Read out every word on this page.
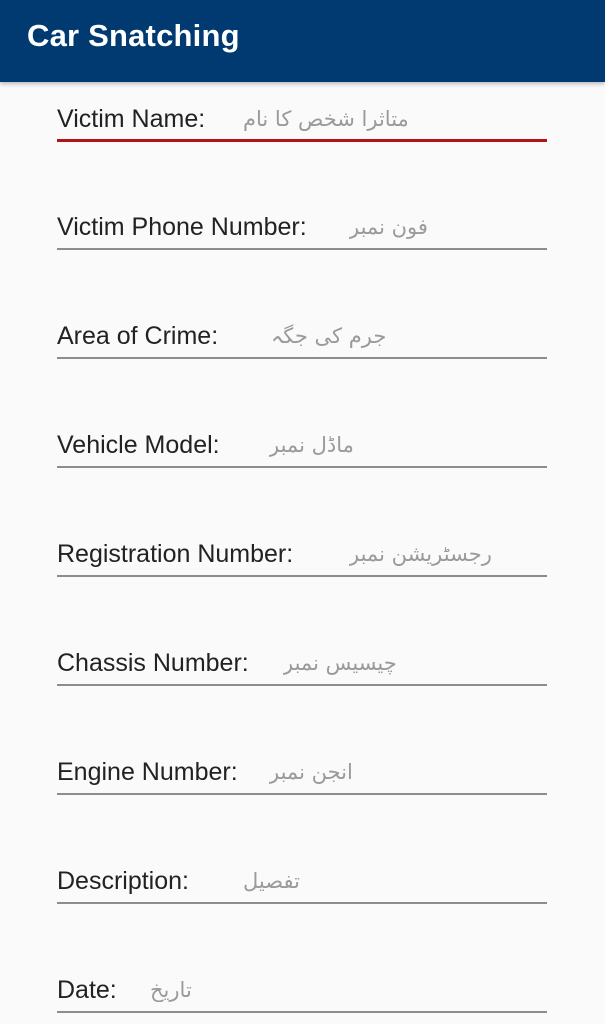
Car Snatching
Victim Name:
متاثرا شخص کا نام
Victim Phone Number:
فون نمبر
Area of Crime:
جرم کی جگہ
Vehicle Model:
ماڈل نمبر
Registration Number:
رجسٹریشن نمبر
Chassis Number:
چیسیس نمبر
Engine Number:
انجن نمبر
Description:
تفصیل
Date:
تاریخ
